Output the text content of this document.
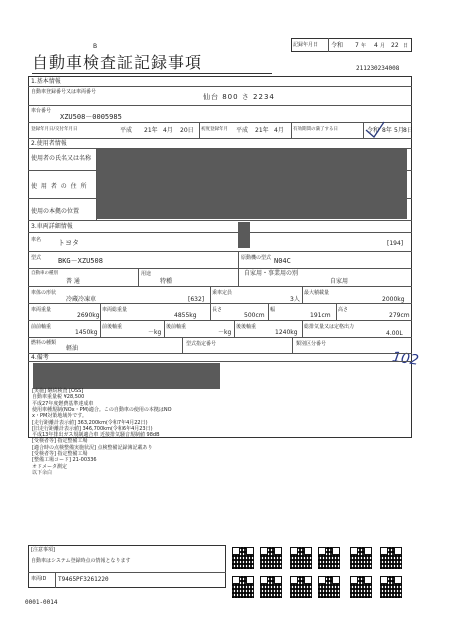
B
自動車検査証記録事項
記録年月日 令和 7 年 4 月 22 日
211230234008
1.基本情報
自動車登録番号又は車両番号
仙台 800 さ 2234
車台番号
XZU508－0005985
登録年月日/交付年月日	平成 21年 4月 20日 初度登録年月 平成 21年 4月 有効期間の満了する日	令和 8年 5月 8日
2.使用者情報
使用者の氏名又は名称
使 用 者 の 住 所
使用の本拠の位置
3.車両詳細情報
車名 トヨタ	[194]
型式 BKG－XZU508	原動機の型式 N04C
自動車の種別
普 通
用途
特種
自家用・事業用の別
自家用
車体の形状
冷蔵冷凍車	[632]
乗車定員
3人
最大積載量
2000kg
車両重量
2690kg
車両総重量
4855kg
長さ
500cm
幅
191cm
高さ
279cm
前前軸重
1450kg
前後軸重
－kg
後前軸重
－kg
後後軸重
1240kg
総排気量又は定格出力
4.00L
燃料の種類
軽油
型式指定番号	類別区分番号
102
4.備考
[実施] 継続検査 [OSS]
自動車重量税 ¥28,500
平成27年度燃費基準達成車
使用車種規制(NOx・PM)適合。この自動車の使用の本拠はNO
x・PM対策地域外です。
[走行距離計表示値] 363,200km(令和7年4月22日)
[旧走行距離計表示値] 346,700km(令和6年4月23日)
平成13年排出ガス規制適合車 近接排気騒音規制値 98dB
[受検者等] 指定整備工場
[適合時の点検整備実施状況] 点検整備記録簿記載あり
[受検者等] 指定整備工場
[整備工場コード] 21-00336
オドメータ測定
以下余白
[注意事項]
自動車はシステム登録時点の情報となります
車両ID T9465PF3261220
0001-0014
